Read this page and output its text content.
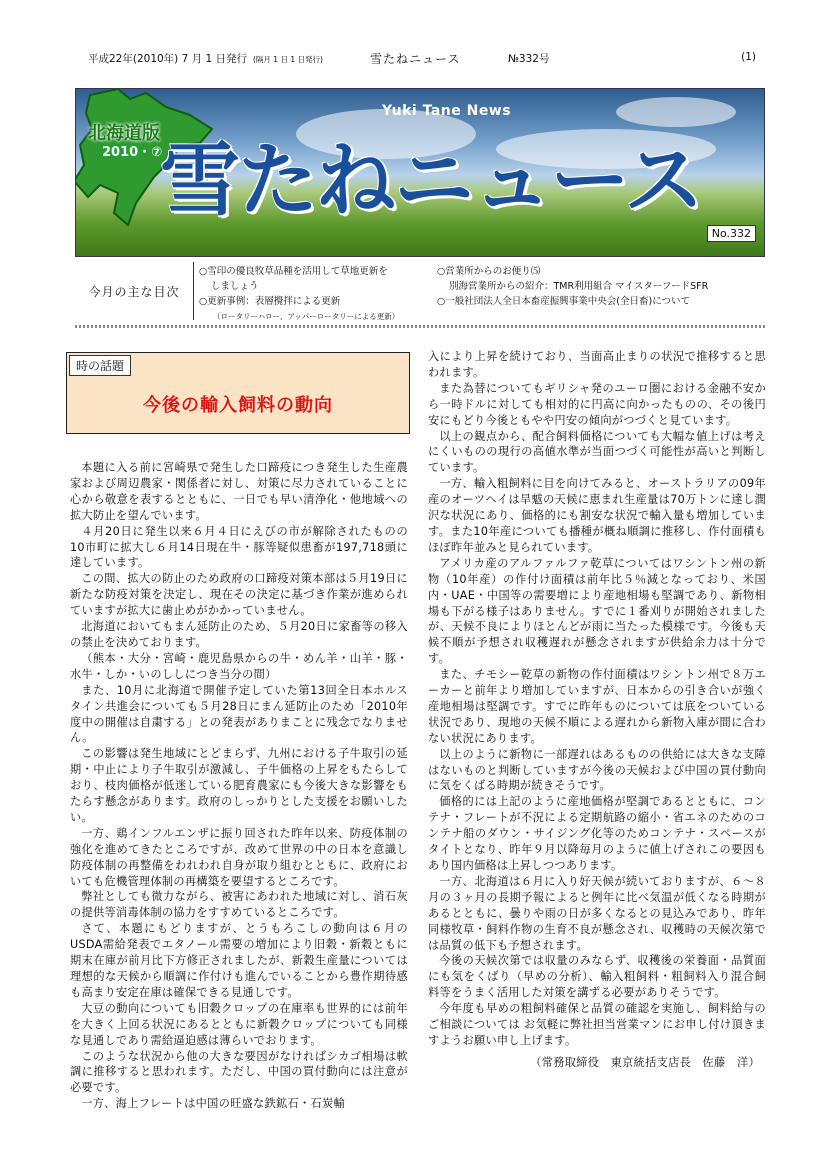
平成22年(2010年) 7 月 1 日発行 (隔月 1 日 1 日発行)	雪たねニュース	№332号	(1)
北海道版
2010・⑦
Yuki Tane News
雪たねニュース
No.332
今月の主な目次
○雪印の優良牧草品種を活用して草地更新を
しましょう
○更新事例：表層攪拌による更新
（ロータリーハロー、アッパーロータリーによる更新）
○営業所からのお便り⑸
別海営業所からの紹介：TMR利用組合 マイスターフードSFR
○一般社団法人全日本畜産振興事業中央会(全日畜)について
時の話題
今後の輸入飼料の動向

本題に入る前に宮崎県で発生した口蹄疫につき発生した生産農家および周辺農家・関係者に対し、対策に尽力されていることに心から敬意を表するとともに、一日でも早い清浄化・他地域への拡大防止を望んでいます。

４月20日に発生以来６月４日にえびの市が解除されたものの10市町に拡大し６月14日現在牛・豚等疑似患畜が197,718頭に達しています。

この間、拡大の防止のため政府の口蹄疫対策本部は５月19日に新たな防疫対策を決定し、現在その決定に基づき作業が進められていますが拡大に歯止めがかかっていません。

北海道においてもまん延防止のため、５月20日に家畜等の移入の禁止を決めております。

（熊本・大分・宮崎・鹿児島県からの牛・めん羊・山羊・豚・水牛・しか・いのししにつき当分の間）

また、10月に北海道で開催予定していた第13回全日本ホルスタイン共進会についても５月28日にまん延防止のため「2010年度中の開催は自粛する」との発表がありまことに残念でなりません。

この影響は発生地域にとどまらず、九州における子牛取引の延期・中止により子牛取引が激減し、子牛価格の上昇をもたらしており、枝肉価格が低迷している肥育農家にも今後大きな影響をもたらす懸念があります。政府のしっかりとした支援をお願いしたい。

一方、鶏インフルエンザに振り回された昨年以来、防疫体制の強化を進めてきたところですが、改めて世界の中の日本を意識し防疫体制の再整備をわれわれ自身が取り組むとともに、政府においても危機管理体制の再構築を要望するところです。

弊社としても微力ながら、被害にあわれた地域に対し、消石灰の提供等消毒体制の協力をすすめているところです。

さて、本題にもどりますが、とうもろこしの動向は６月のUSDA需給発表でエタノール需要の増加により旧穀・新穀ともに期末在庫が前月比下方修正されましたが、新穀生産量については理想的な天候から順調に作付けも進んでいることから豊作期待感も高まり安定在庫は確保できる見通しです。

大豆の動向についても旧穀クロップの在庫率も世界的には前年を大きく上回る状況にあるとともに新穀クロップについても同様な見通しであり需給逼迫感は薄らいでおります。

このような状況から他の大きな要因がなければシカゴ相場は軟調に推移すると思われます。ただし、中国の買付動向には注意が必要です。

一方、海上フレートは中国の旺盛な鉄鉱石・石炭輸

入により上昇を続けており、当面高止まりの状況で推移すると思われます。

また為替についてもギリシャ発のユーロ圏における金融不安から一時ドルに対しても相対的に円高に向かったものの、その後円安にもどり今後ともやや円安の傾向がつづくと見ています。

以上の観点から、配合飼料価格についても大幅な値上げは考えにくいものの現行の高値水準が当面つづく可能性が高いと判断しています。

一方、輸入粗飼料に目を向けてみると、オーストラリアの09年産のオーツヘイは旱魃の天候に恵まれ生産量は70万トンに達し潤沢な状況にあり、価格的にも割安な状況で輸入量も増加しています。また10年産についても播種が概ね順調に推移し、作付面積もほぼ昨年並みと見られています。

アメリカ産のアルファルファ乾草についてはワシントン州の新物（10年産）の作付け面積は前年比５％減となっており、米国内・UAE・中国等の需要増により産地相場も堅調であり、新物相場も下がる様子はありません。すでに１番刈りが開始されましたが、天候不良によりほとんどが雨に当たった模様です。今後も天候不順が予想され収穫遅れが懸念されますが供給余力は十分です。

また、チモシー乾草の新物の作付面積はワシントン州で８万エーカーと前年より増加していますが、日本からの引き合いが強く産地相場は堅調です。すでに昨年ものについては底をついている状況であり、現地の天候不順による遅れから新物入庫が間に合わない状況にあります。

以上のように新物に一部遅れはあるものの供給には大きな支障はないものと判断していますが今後の天候および中国の買付動向に気をくばる時期が続きそうです。

価格的には上記のように産地価格が堅調であるとともに、コンテナ・フレートが不況による定期航路の縮小・省エネのためのコンテナ船のダウン・サイジング化等のためコンテナ・スペースがタイトとなり、昨年９月以降毎月のように値上げされこの要因もあり国内価格は上昇しつつあります。

一方、北海道は６月に入り好天候が続いておりますが、６～８月の３ヶ月の長期予報によると例年に比べ気温が低くなる時期があるとともに、曇りや雨の日が多くなるとの見込みであり、昨年同様牧草・飼料作物の生育不良が懸念され、収穫時の天候次第では品質の低下も予想されます。

今後の天候次第では収量のみならず、収穫後の栄養面・品質面にも気をくばり（早めの分析）、輸入粗飼料・粗飼料入り混合飼料等をうまく活用した対策を講ずる必要がありそうです。

今年度も早めの粗飼料確保と品質の確認を実施し、飼料給与のご相談については お気軽に弊社担当営業マンにお申し付け頂きますようお願い申し上げます。

（常務取締役　東京統括支店長　佐藤　洋）
